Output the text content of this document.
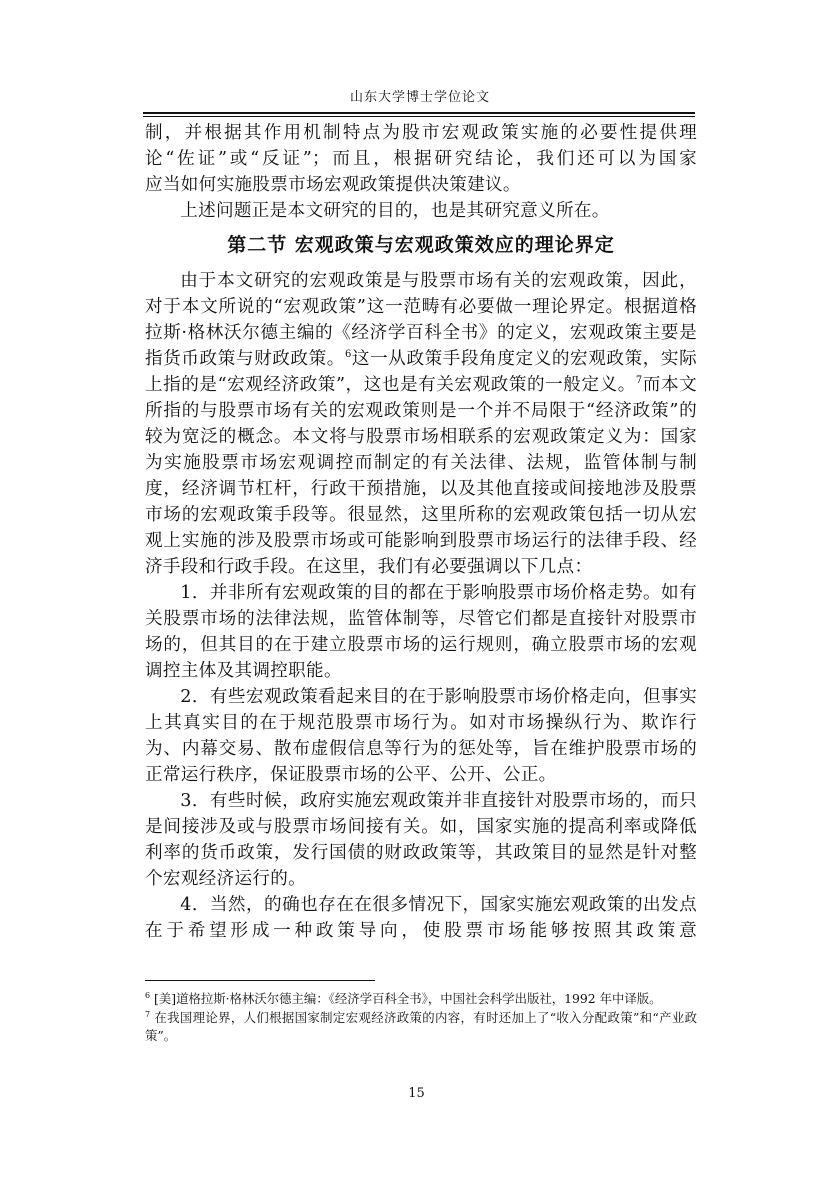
山东大学博士学位论文

制，并根据其作用机制特点为股市宏观政策实施的必要性提供理

论“佐证”或“反证”；而且，根据研究结论，我们还可以为国家

应当如何实施股票市场宏观政策提供决策建议。

上述问题正是本文研究的目的，也是其研究意义所在。

第二节 宏观政策与宏观政策效应的理论界定

由于本文研究的宏观政策是与股票市场有关的宏观政策，因此，对于本文所说的“宏观政策”这一范畴有必要做一理论界定。根据道格拉斯·格林沃尔德主编的《经济学百科全书》的定义，宏观政策主要是指货币政策与财政政策。$^6$这一从政策手段角度定义的宏观政策，实际上指的是“宏观经济政策”，这也是有关宏观政策的一般定义。$^7$而本文所指的与股票市场有关的宏观政策则是一个并不局限于“经济政策”的较为宽泛的概念。本文将与股票市场相联系的宏观政策定义为：国家为实施股票市场宏观调控而制定的有关法律、法规，监管体制与制度，经济调节杠杆，行政干预措施，以及其他直接或间接地涉及股票市场的宏观政策手段等。很显然，这里所称的宏观政策包括一切从宏观上实施的涉及股票市场或可能影响到股票市场运行的法律手段、经济手段和行政手段。在这里，我们有必要强调以下几点：

1．并非所有宏观政策的目的都在于影响股票市场价格走势。如有关股票市场的法律法规，监管体制等，尽管它们都是直接针对股票市场的，但其目的在于建立股票市场的运行规则，确立股票市场的宏观调控主体及其调控职能。

2．有些宏观政策看起来目的在于影响股票市场价格走向，但事实上其真实目的在于规范股票市场行为。如对市场操纵行为、欺诈行为、内幕交易、散布虚假信息等行为的惩处等，旨在维护股票市场的正常运行秩序，保证股票市场的公平、公开、公正。

3．有些时候，政府实施宏观政策并非直接针对股票市场的，而只是间接涉及或与股票市场间接有关。如，国家实施的提高利率或降低利率的货币政策，发行国债的财政政策等，其政策目的显然是针对整个宏观经济运行的。

4．当然，的确也存在在很多情况下，国家实施宏观政策的出发点在于希望形成一种政策导向，使股票市场能够按照其政策意

$^6$ [美]道格拉斯·格林沃尔德主编：《经济学百科全书》，中国社会科学出版社，1992 年中译版。

$^7$ 在我国理论界，人们根据国家制定宏观经济政策的内容，有时还加上了“收入分配政策”和“产业政策”。

15
